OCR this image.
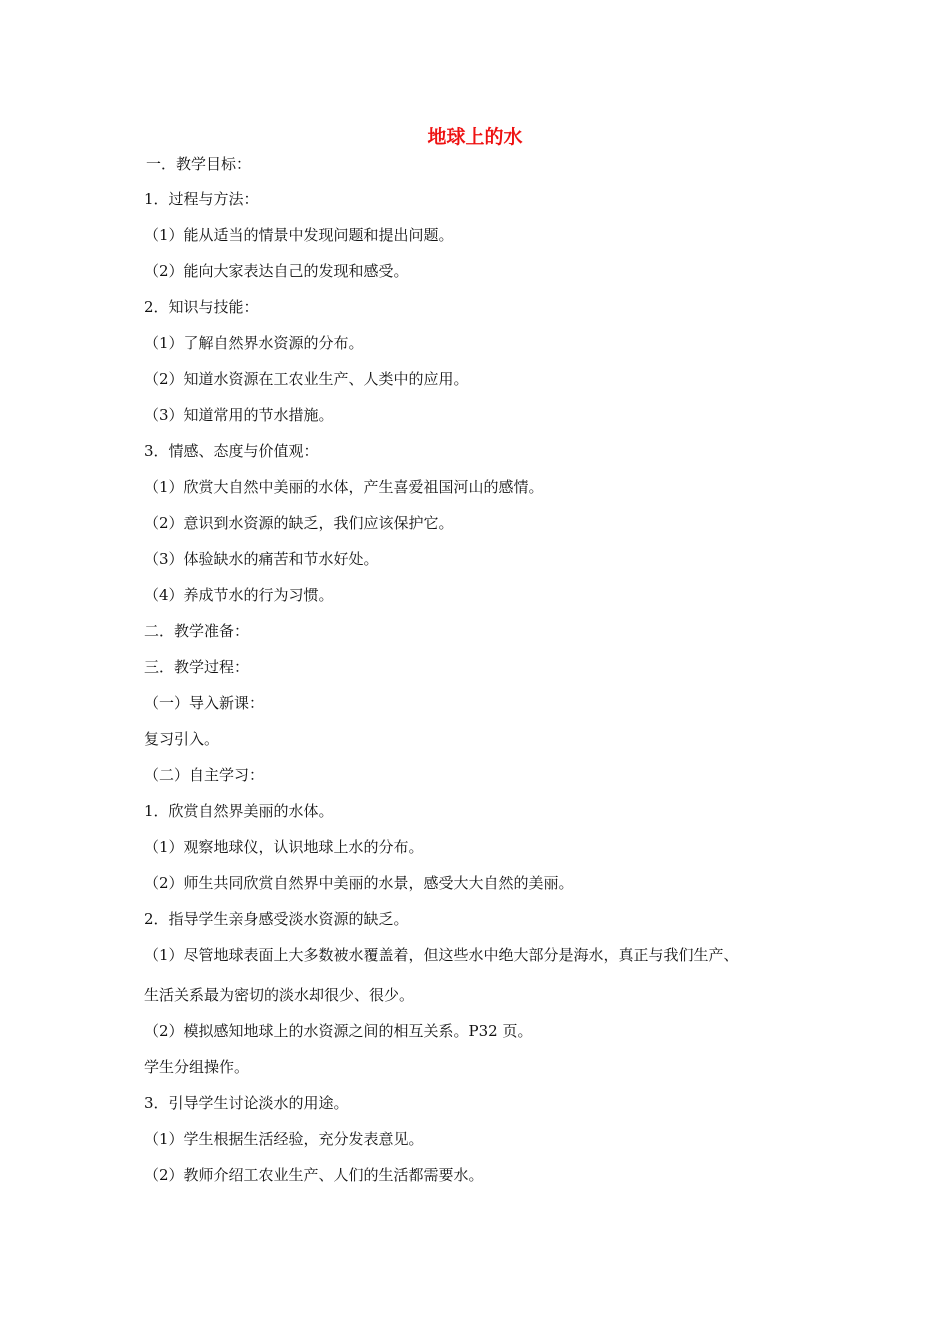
地球上的水
一．教学目标：
1．过程与方法：
（1）能从适当的情景中发现问题和提出问题。
（2）能向大家表达自己的发现和感受。
2．知识与技能：
（1）了解自然界水资源的分布。
（2）知道水资源在工农业生产、人类中的应用。
（3）知道常用的节水措施。
3．情感、态度与价值观：
（1）欣赏大自然中美丽的水体，产生喜爱祖国河山的感情。
（2）意识到水资源的缺乏，我们应该保护它。
（3）体验缺水的痛苦和节水好处。
（4）养成节水的行为习惯。
二．教学准备：
三．教学过程：
（一）导入新课：
复习引入。
（二）自主学习：
1．欣赏自然界美丽的水体。
（1）观察地球仪，认识地球上水的分布。
（2）师生共同欣赏自然界中美丽的水景，感受大大自然的美丽。
2．指导学生亲身感受淡水资源的缺乏。
（1）尽管地球表面上大多数被水覆盖着，但这些水中绝大部分是海水，真正与我们生产、
生活关系最为密切的淡水却很少、很少。
（2）模拟感知地球上的水资源之间的相互关系。P32 页。
学生分组操作。
3．引导学生讨论淡水的用途。
（1）学生根据生活经验，充分发表意见。
（2）教师介绍工农业生产、人们的生活都需要水。
